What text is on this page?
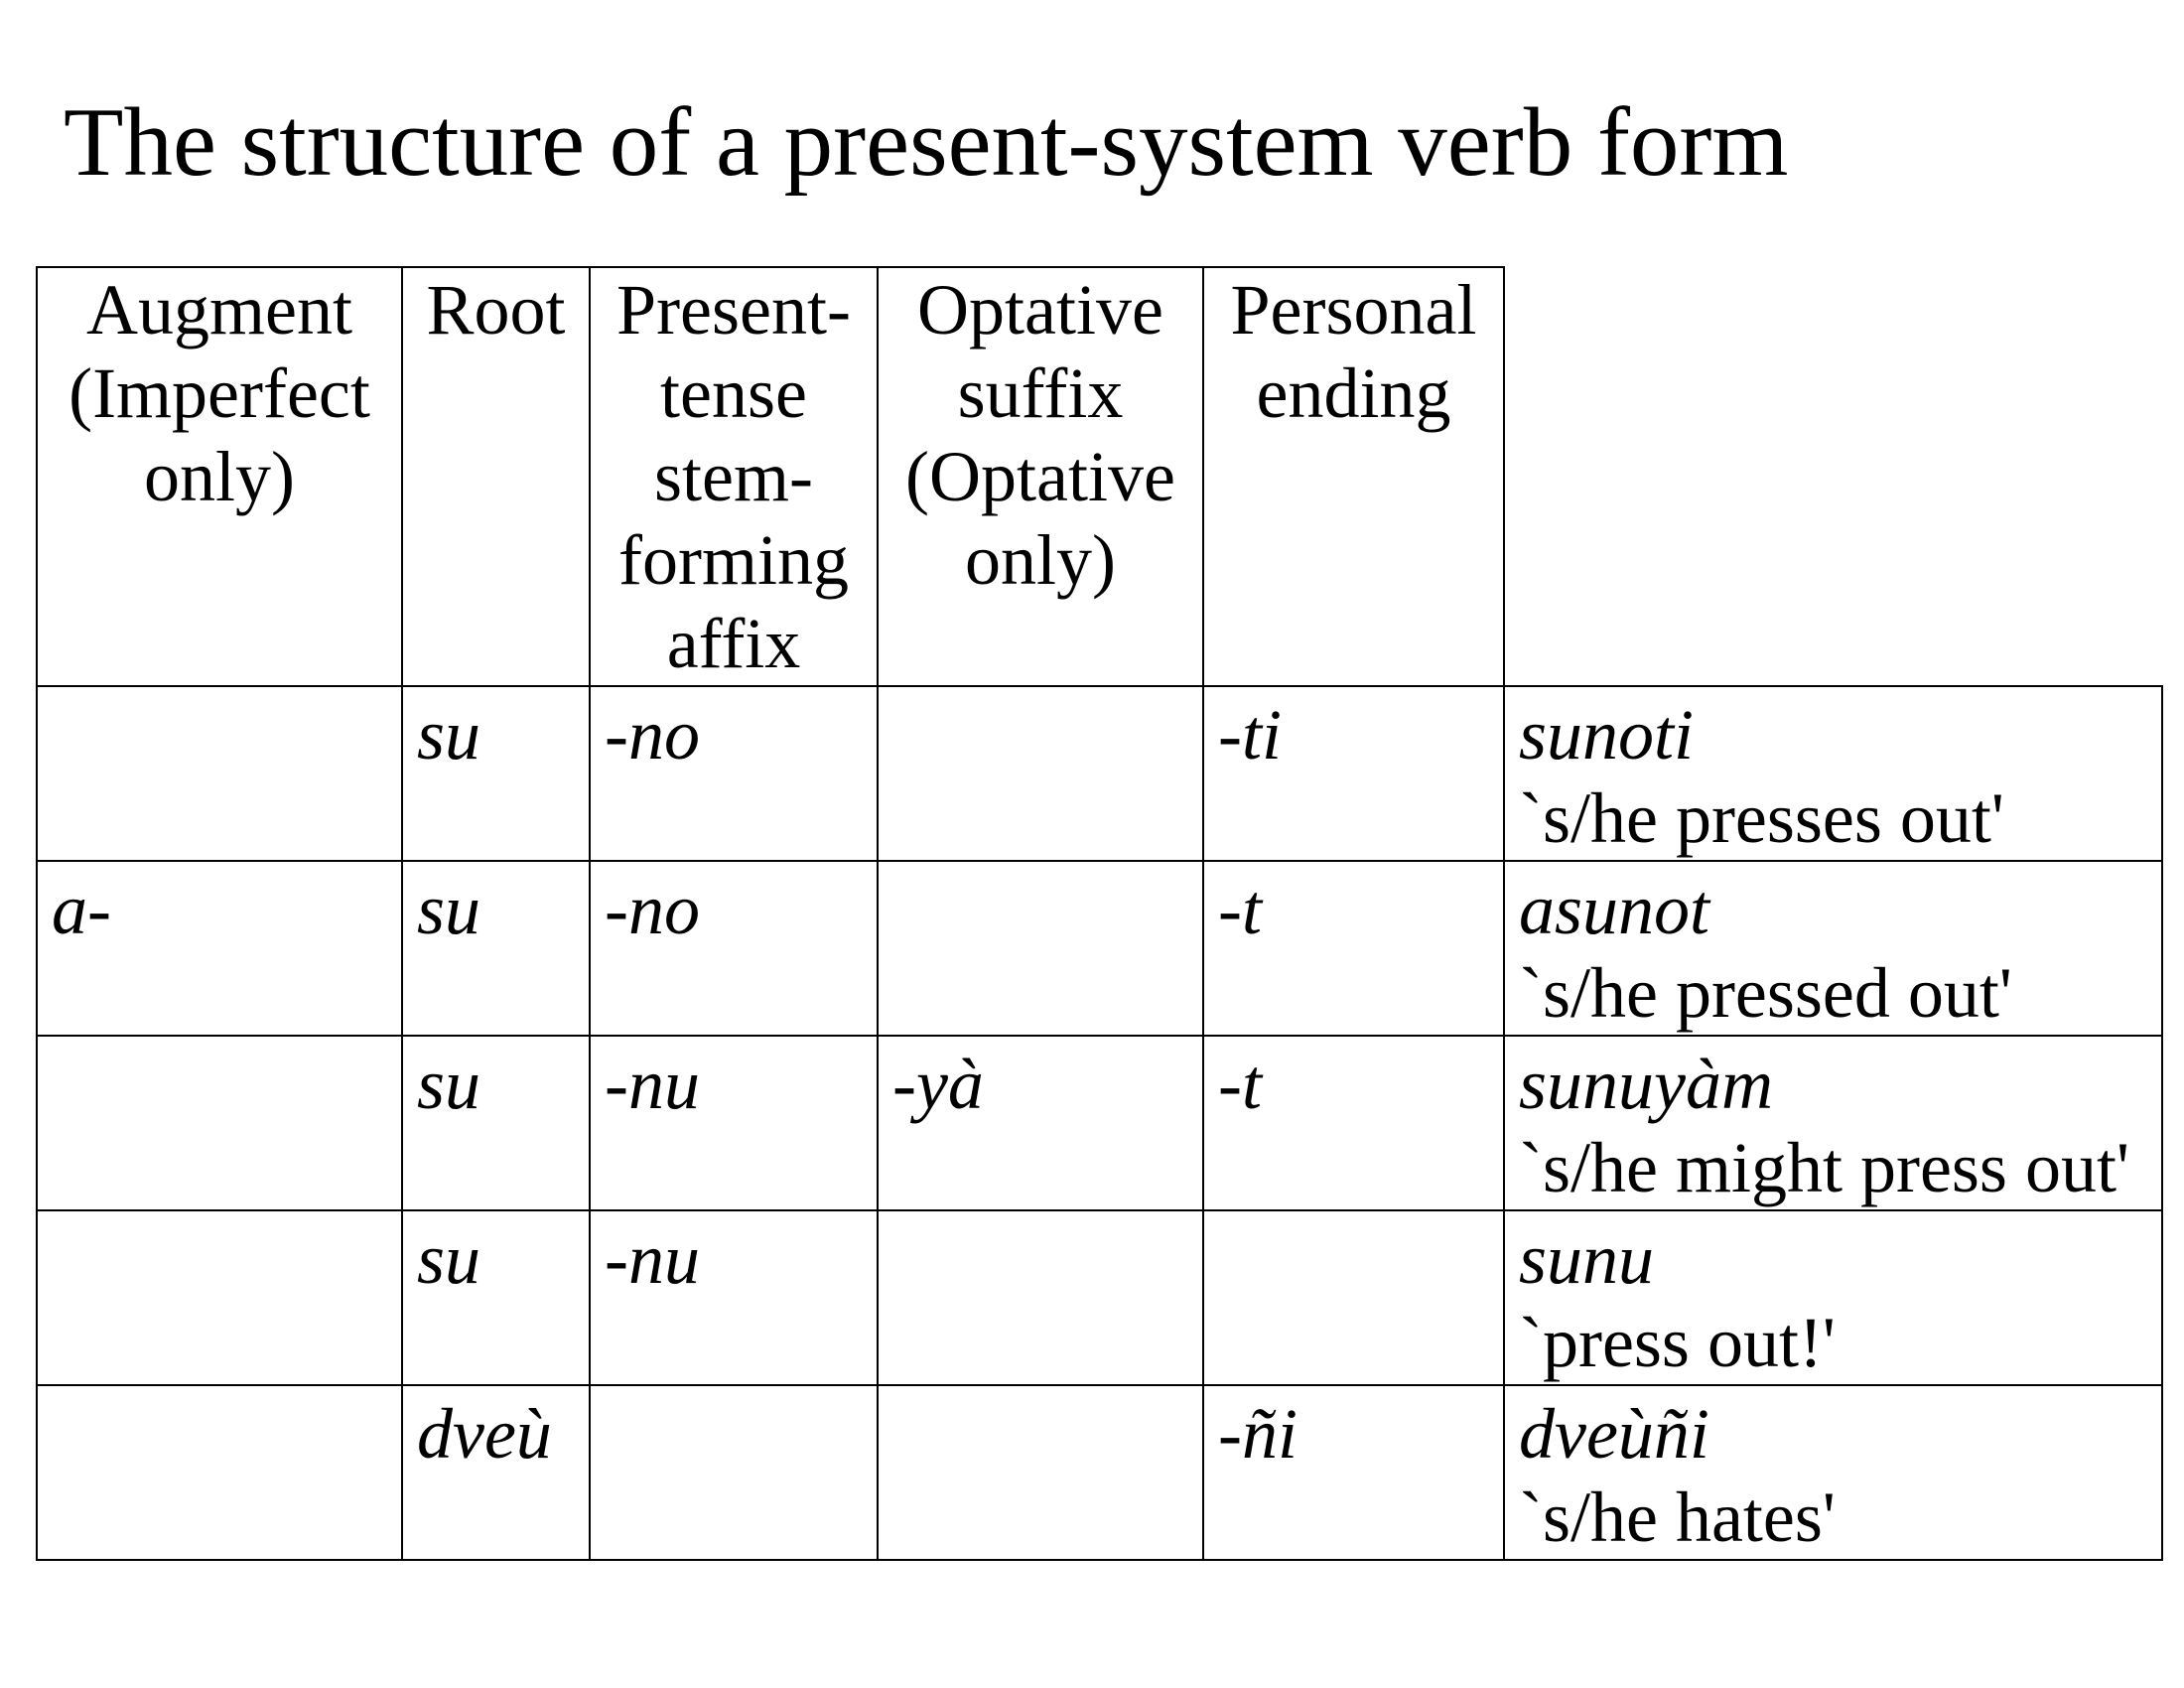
The structure of a present-system verb form
Augment
(Imperfect
only)	Root	Present-
tense
stem-
forming
affix	Optative
suffix
(Optative
only)	Personal
ending	

	su	-no		-ti	sunoti
`s/he presses out'

a-	su	-no		-t	asunot
`s/he pressed out'

	su	-nu	-yà	-t	sunuyàm
`s/he might press out'

	su	-nu			sunu
`press out!'

	dveù			-ñi	dveùñi
`s/he hates'
